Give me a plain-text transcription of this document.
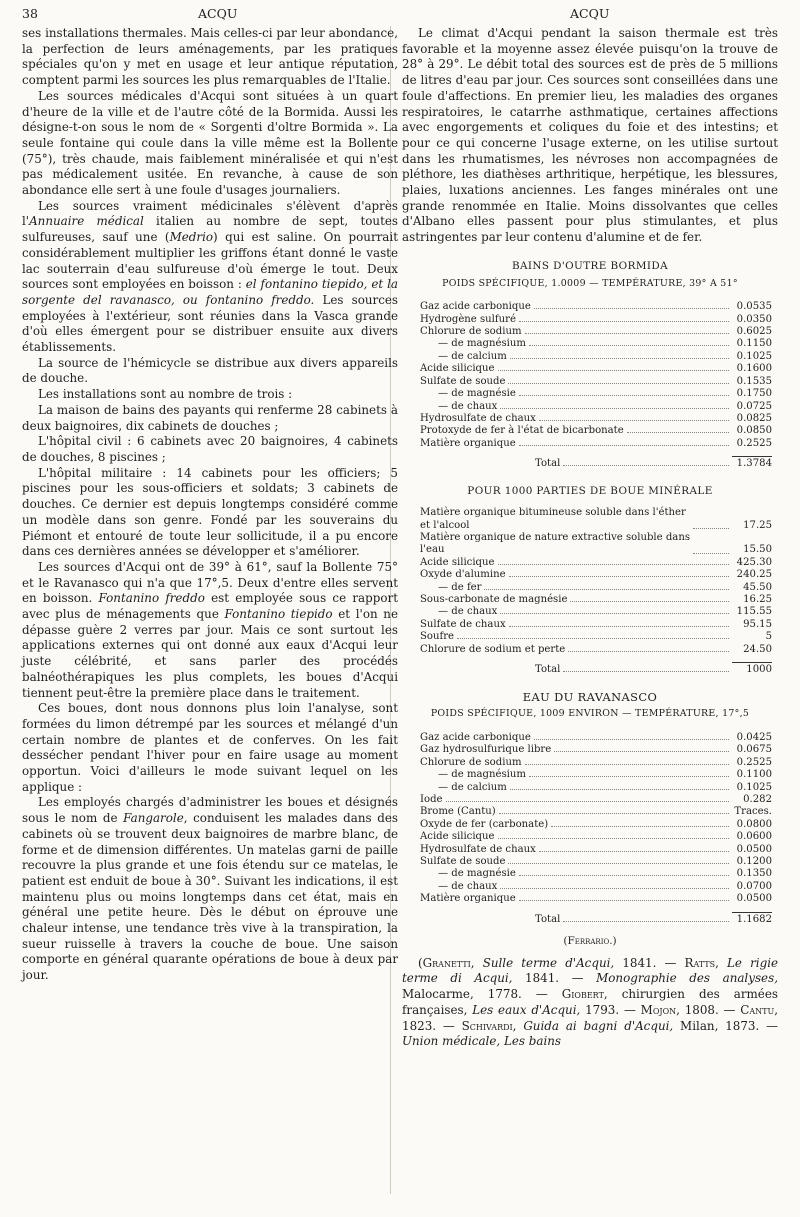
38	ACQU	ACQU

ses installations thermales. Mais celles-ci par leur abondance, la perfection de leurs aménagements, par les pratiques spéciales qu'on y met en usage et leur antique réputation, comptent parmi les sources les plus remarquables de l'Italie.

Les sources médicales d'Acqui sont situées à un quart d'heure de la ville et de l'autre côté de la Bormida. Aussi les désigne-t-on sous le nom de « Sorgenti d'oltre Bormida ». La seule fontaine qui coule dans la ville même est la Bollente (75°), très chaude, mais faiblement minéralisée et qui n'est pas médicalement usitée. En revanche, à cause de son abondance elle sert à une foule d'usages journaliers.

Les sources vraiment médicinales s'élèvent d'après l'Annuaire médical italien au nombre de sept, toutes sulfureuses, sauf une (Medrio) qui est saline. On pourrait considérablement multiplier les griffons étant donné le vaste lac souterrain d'eau sulfureuse d'où émerge le tout. Deux sources sont employées en boisson : el fontanino tiepido, et la sorgente del ravanasco, ou fontanino freddo. Les sources employées à l'extérieur, sont réunies dans la Vasca grande d'où elles émergent pour se distribuer ensuite aux divers établissements.

La source de l'hémicycle se distribue aux divers appareils de douche.

Les installations sont au nombre de trois :

La maison de bains des payants qui renferme 28 cabinets à deux baignoires, dix cabinets de douches ;

L'hôpital civil : 6 cabinets avec 20 baignoires, 4 cabinets de douches, 8 piscines ;

L'hôpital militaire : 14 cabinets pour les officiers; 5 piscines pour les sous-officiers et soldats; 3 cabinets de douches. Ce dernier est depuis longtemps considéré comme un modèle dans son genre. Fondé par les souverains du Piémont et entouré de toute leur sollicitude, il a pu encore dans ces dernières années se développer et s'améliorer.

Les sources d'Acqui ont de 39° à 61°, sauf la Bollente 75° et le Ravanasco qui n'a que 17°,5. Deux d'entre elles servent en boisson. Fontanino freddo est employée sous ce rapport avec plus de ménagements que Fontanino tiepido et l'on ne dépasse guère 2 verres par jour. Mais ce sont surtout les applications externes qui ont donné aux eaux d'Acqui leur juste célébrité, et sans parler des procédés balnéothérapiques les plus complets, les boues d'Acqui tiennent peut-être la première place dans le traitement.

Ces boues, dont nous donnons plus loin l'analyse, sont formées du limon détrempé par les sources et mélangé d'un certain nombre de plantes et de conferves. On les fait dessécher pendant l'hiver pour en faire usage au moment opportun. Voici d'ailleurs le mode suivant lequel on les applique :

Les employés chargés d'administrer les boues et désignés sous le nom de Fangarole, conduisent les malades dans des cabinets où se trouvent deux baignoires de marbre blanc, de forme et de dimension différentes. Un matelas garni de paille recouvre la plus grande et une fois étendu sur ce matelas, le patient est enduit de boue à 30°. Suivant les indications, il est maintenu plus ou moins longtemps dans cet état, mais en général une petite heure. Dès le début on éprouve une chaleur intense, une tendance très vive à la transpiration, la sueur ruisselle à travers la couche de boue. Une saison comporte en général quarante opérations de boue à deux par jour.

Le climat d'Acqui pendant la saison thermale est très favorable et la moyenne assez élevée puisqu'on la trouve de 28° à 29°. Le débit total des sources est de près de 5 millions de litres d'eau par jour. Ces sources sont conseillées dans une foule d'affections. En premier lieu, les maladies des organes respiratoires, le catarrhe asthmatique, certaines affections avec engorgements et coliques du foie et des intestins; et pour ce qui concerne l'usage externe, on les utilise surtout dans les rhumatismes, les névroses non accompagnées de pléthore, les diathèses arthritique, herpétique, les blessures, plaies, luxations anciennes. Les fanges minérales ont une grande renommée en Italie. Moins dissolvantes que celles d'Albano elles passent pour plus stimulantes, et plus astringentes par leur contenu d'alumine et de fer.

BAINS D'OUTRE BORMIDA

POIDS SPÉCIFIQUE, 1.0009 — TEMPÉRATURE, 39° A 51°

Gaz acide carbonique	0.0535
Hydrogène sulfuré	0.0350
Chlorure de sodium	0.6025
— de magnésium	0.1150
— de calcium	0.1025
Acide silicique	0.1600
Sulfate de soude	0.1535
— de magnésie	0.1750
— de chaux	0.0725
Hydrosulfate de chaux	0.0825
Protoxyde de fer à l'état de bicarbonate	0.0850
Matière organique	0.2525
Total	1.3784

POUR 1000 PARTIES DE BOUE MINÉRALE

Matière organique bitumineuse soluble dans l'éther et l'alcool	17.25
Matière organique de nature extractive soluble dans l'eau	15.50
Acide silicique	425.30
Oxyde d'alumine	240.25
— de fer	45.50
Sous-carbonate de magnésie	16.25
— de chaux	115.55
Sulfate de chaux	95.15
Soufre	5
Chlorure de sodium et perte	24.50
Total	1000

EAU DU RAVANASCO

POIDS SPÉCIFIQUE, 1009 ENVIRON — TEMPÉRATURE, 17°,5

Gaz acide carbonique	0.0425
Gaz hydrosulfurique libre	0.0675
Chlorure de sodium	0.2525
— de magnésium	0.1100
— de calcium	0.1025
Iode	0.282
Brome (Cantu)	Traces.
Oxyde de fer (carbonate)	0.0800
Acide silicique	0.0600
Hydrosulfate de chaux	0.0500
Sulfate de soude	0.1200
— de magnésie	0.1350
— de chaux	0.0700
Matière organique	0.0500
Total	1.1682

(Ferrario.)

(Granetti, Sulle terme d'Acqui, 1841. — Ratts, Le rigie terme di Acqui, 1841. — Monographie des analyses, Malocarme, 1778. — Giobert, chirurgien des armées françaises, Les eaux d'Acqui, 1793. — Mojon, 1808. — Cantu, 1823. — Schivardi, Guida ai bagni d'Acqui, Milan, 1873. — Union médicale, Les bains
